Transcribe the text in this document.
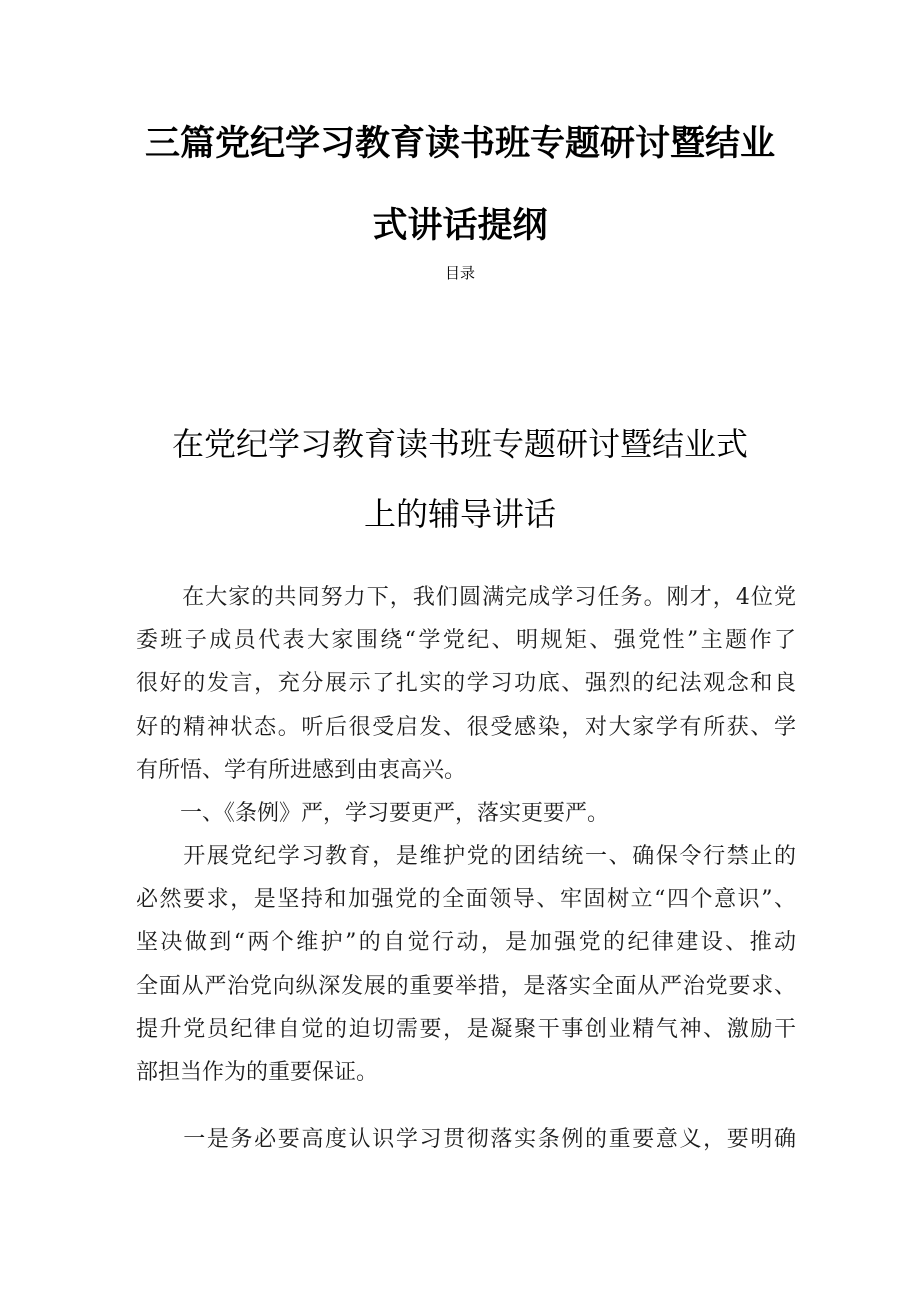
三篇党纪学习教育读书班专题研讨暨结业
式讲话提纲
目录
在党纪学习教育读书班专题研讨暨结业式
上的辅导讲话
　　在大家的共同努力下，我们圆满完成学习任务。刚才，4位党
委班子成员代表大家围绕“学党纪、明规矩、强党性”主题作了
很好的发言，充分展示了扎实的学习功底、强烈的纪法观念和良
好的精神状态。听后很受启发、很受感染，对大家学有所获、学
有所悟、学有所进感到由衷高兴。
　　一、《条例》严，学习要更严，落实更要严。
　　开展党纪学习教育，是维护党的团结统一、确保令行禁止的
必然要求，是坚持和加强党的全面领导、牢固树立“四个意识”、
坚决做到“两个维护”的自觉行动，是加强党的纪律建设、推动
全面从严治党向纵深发展的重要举措，是落实全面从严治党要求、
提升党员纪律自觉的迫切需要，是凝聚干事创业精气神、激励干
部担当作为的重要保证。
　　一是务必要高度认识学习贯彻落实条例的重要意义，要明确
